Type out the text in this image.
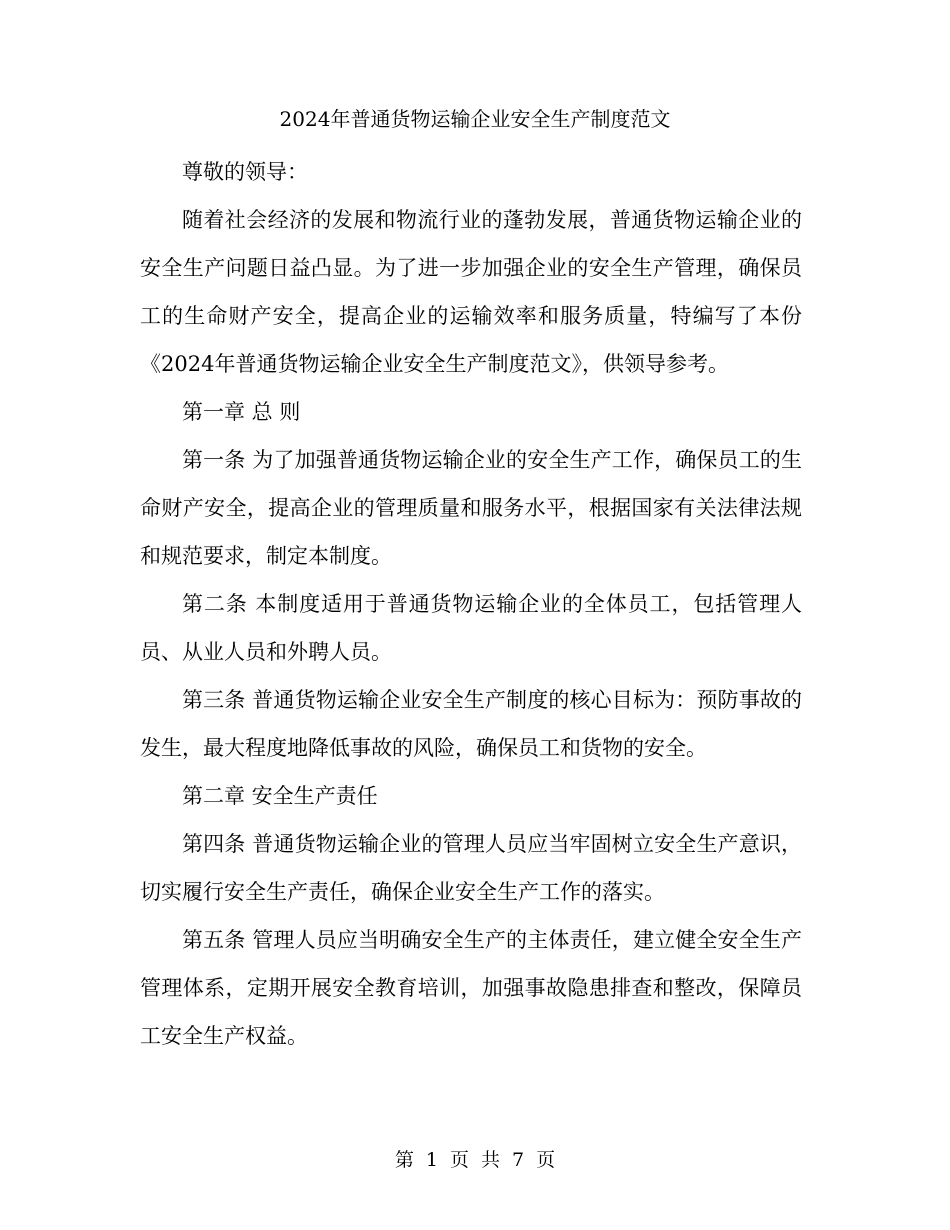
2024年普通货物运输企业安全生产制度范文

尊敬的领导：

随着社会经济的发展和物流行业的蓬勃发展，普通货物运输企业的安全生产问题日益凸显。为了进一步加强企业的安全生产管理，确保员工的生命财产安全，提高企业的运输效率和服务质量，特编写了本份《2024年普通货物运输企业安全生产制度范文》，供领导参考。

第一章 总 则

第一条 为了加强普通货物运输企业的安全生产工作，确保员工的生命财产安全，提高企业的管理质量和服务水平，根据国家有关法律法规和规范要求，制定本制度。

第二条 本制度适用于普通货物运输企业的全体员工，包括管理人员、从业人员和外聘人员。

第三条 普通货物运输企业安全生产制度的核心目标为：预防事故的发生，最大程度地降低事故的风险，确保员工和货物的安全。

第二章 安全生产责任

第四条 普通货物运输企业的管理人员应当牢固树立安全生产意识，切实履行安全生产责任，确保企业安全生产工作的落实。

第五条 管理人员应当明确安全生产的主体责任，建立健全安全生产管理体系，定期开展安全教育培训，加强事故隐患排查和整改，保障员工安全生产权益。

第 1 页 共 7 页
